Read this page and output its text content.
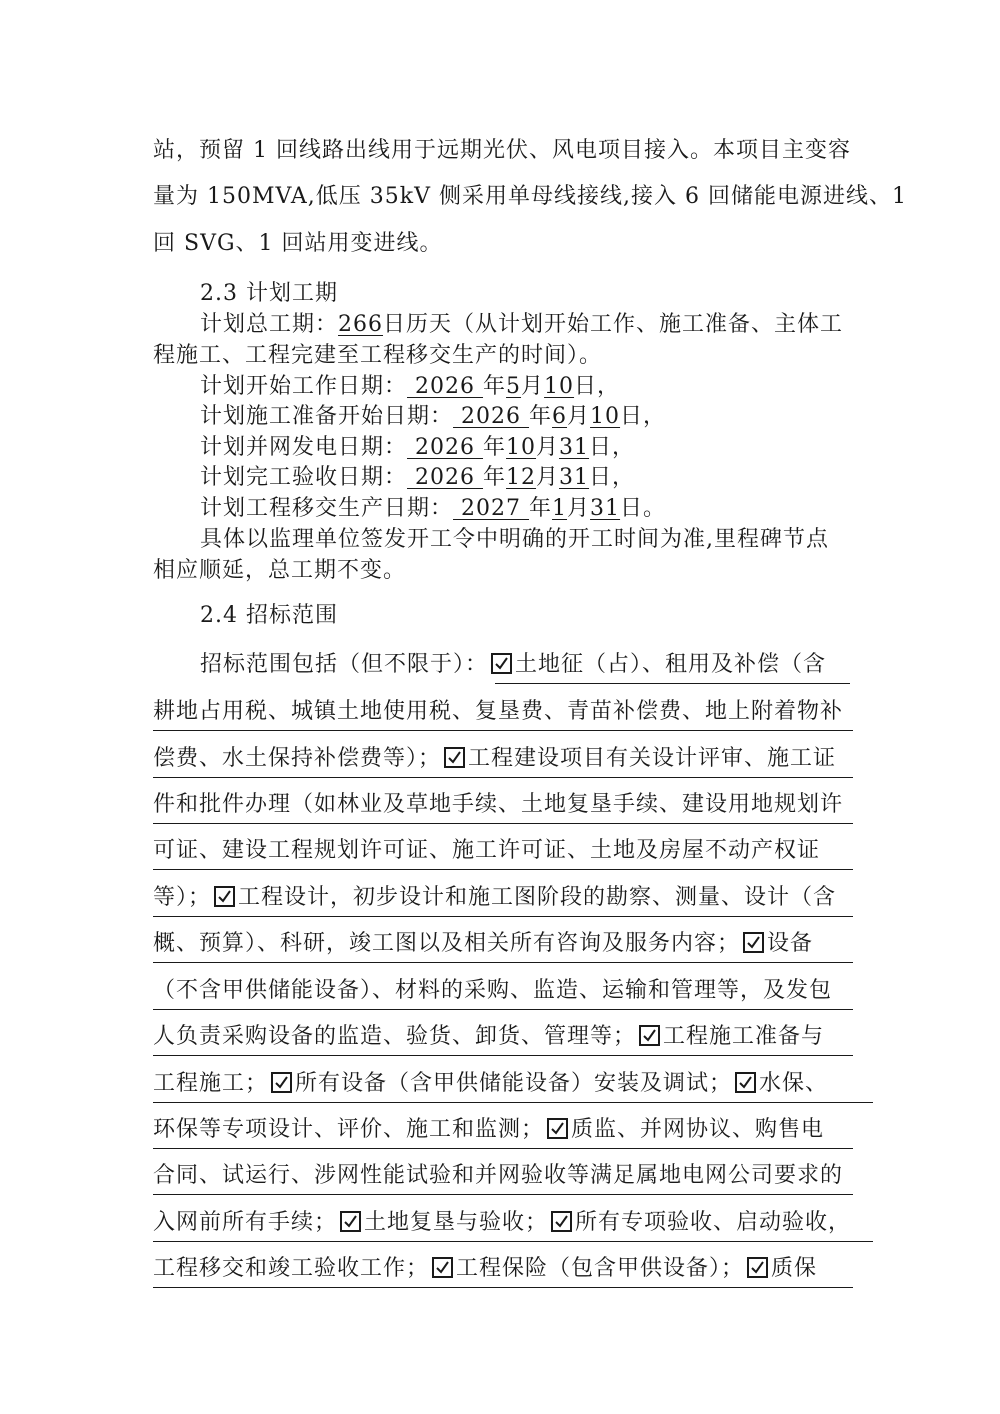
站，预留 1 回线路出线用于远期光伏、风电项目接入。本项目主变容
量为 150MVA,低压 35kV 侧采用单母线接线,接入 6 回储能电源进线、1
回 SVG、1 回站用变进线。
2.3 计划工期
计划总工期：266日历天（从计划开始工作、施工准备、主体工
程施工、工程完建至工程移交生产的时间）。
计划开始工作日期： 2026 年5月10日，
计划施工准备开始日期： 2026 年6月10日，
计划并网发电日期： 2026 年10月31日，
计划完工验收日期： 2026 年12月31日，
计划工程移交生产日期： 2027 年1月31日。
具体以监理单位签发开工令中明确的开工时间为准,里程碑节点
相应顺延，总工期不变。
2.4 招标范围
招标范围包括（但不限于）： 土地征（占）、租用及补偿（含
耕地占用税、城镇土地使用税、复垦费、青苗补偿费、地上附着物补
偿费、水土保持补偿费等）； 工程建设项目有关设计评审、施工证
件和批件办理（如林业及草地手续、土地复垦手续、建设用地规划许
可证、建设工程规划许可证、施工许可证、土地及房屋不动产权证
等）； 工程设计，初步设计和施工图阶段的勘察、测量、设计（含
概、预算）、科研，竣工图以及相关所有咨询及服务内容； 设备
（不含甲供储能设备）、材料的采购、监造、运输和管理等，及发包
人负责采购设备的监造、验货、卸货、管理等； 工程施工准备与
工程施工； 所有设备（含甲供储能设备）安装及调试； 水保、
环保等专项设计、评价、施工和监测； 质监、并网协议、购售电
合同、试运行、涉网性能试验和并网验收等满足属地电网公司要求的
入网前所有手续； 土地复垦与验收； 所有专项验收、启动验收，
工程移交和竣工验收工作； 工程保险（包含甲供设备）； 质保
